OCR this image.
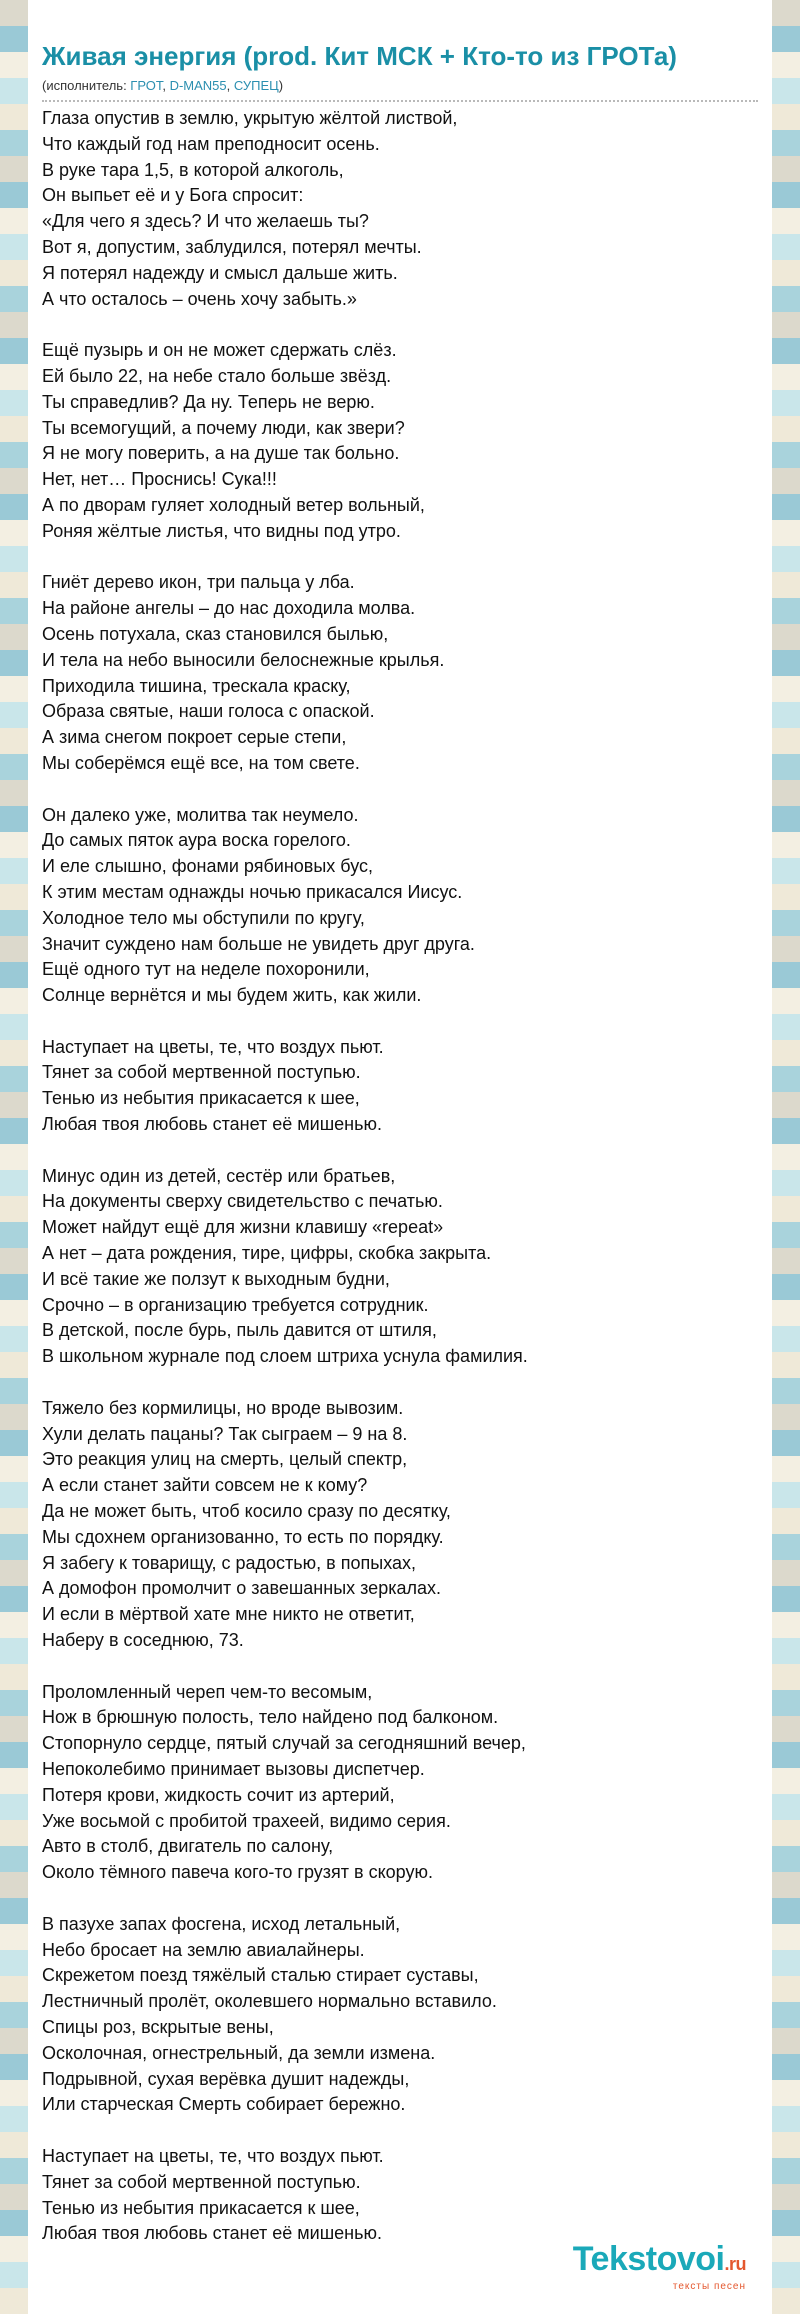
Живая энергия (prod. Кит МСК + Кто-то из ГРОТа)
(исполнитель: ГРОТ, D-MAN55, СУПЕЦ)
Глаза опустив в землю, укрытую жёлтой листвой,
Что каждый год нам преподносит осень.
В руке тара 1,5, в которой алкоголь,
Он выпьет её и у Бога спросит:
«Для чего я здесь? И что желаешь ты?
Вот я, допустим, заблудился, потерял мечты.
Я потерял надежду и смысл дальше жить.
А что осталось – очень хочу забыть.»
Ещё пузырь и он не может сдержать слёз.
Ей было 22, на небе стало больше звёзд.
Ты справедлив? Да ну. Теперь не верю.
Ты всемогущий, а почему люди, как звери?
Я не могу поверить, а на душе так больно.
Нет, нет… Проснись! Сука!!!
А по дворам гуляет холодный ветер вольный,
Роняя жёлтые листья, что видны под утро.
Гниёт дерево икон, три пальца у лба.
На районе ангелы – до нас доходила молва.
Осень потухала, сказ становился былью,
И тела на небо выносили белоснежные крылья.
Приходила тишина, трескала краску,
Образа святые, наши голоса с опаской.
А зима снегом покроет серые степи,
Мы соберёмся ещё все, на том свете.
Он далеко уже, молитва так неумело.
До самых пяток аура воска горелого.
И еле слышно, фонами рябиновых бус,
К этим местам однажды ночью прикасался Иисус.
Холодное тело мы обступили по кругу,
Значит суждено нам больше не увидеть друг друга.
Ещё одного тут на неделе похоронили,
Солнце вернётся и мы будем жить, как жили.
Наступает на цветы, те, что воздух пьют.
Тянет за собой мертвенной поступью.
Тенью из небытия прикасается к шее,
Любая твоя любовь станет её мишенью.
Минус один из детей, сестёр или братьев,
На документы сверху свидетельство с печатью.
Может найдут ещё для жизни клавишу «repeat»
А нет – дата рождения, тире, цифры, скобка закрыта.
И всё такие же ползут к выходным будни,
Срочно – в организацию требуется сотрудник.
В детской, после бурь, пыль давится от штиля,
В школьном журнале под слоем штриха уснула фамилия.
Тяжело без кормилицы, но вроде вывозим.
Хули делать пацаны? Так сыграем – 9 на 8.
Это реакция улиц на смерть, целый спектр,
А если станет зайти совсем не к кому?
Да не может быть, чтоб косило сразу по десятку,
Мы сдохнем организованно, то есть по порядку.
Я забегу к товарищу, с радостью, в попыхах,
А домофон промолчит о завешанных зеркалах.
И если в мёртвой хате мне никто не ответит,
Наберу в соседнюю, 73.
Проломленный череп чем-то весомым,
Нож в брюшную полость, тело найдено под балконом.
Стопорнуло сердце, пятый случай за сегодняшний вечер,
Непоколебимо принимает вызовы диспетчер.
Потеря крови, жидкость сочит из артерий,
Уже восьмой с пробитой трахеей, видимо серия.
Авто в столб, двигатель по салону,
Около тёмного павеча кого-то грузят в скорую.
В пазухе запах фосгена, исход летальный,
Небо бросает на землю авиалайнеры.
Скрежетом поезд тяжёлый сталью стирает суставы,
Лестничный пролёт, околевшего нормально вставило.
Спицы роз, вскрытые вены,
Осколочная, огнестрельный, да земли измена.
Подрывной, сухая верёвка душит надежды,
Или старческая Смерть собирает бережно.
Наступает на цветы, те, что воздух пьют.
Тянет за собой мертвенной поступью.
Тенью из небытия прикасается к шее,
Любая твоя любовь станет её мишенью.
Tekstovoi.ru
тексты песен
